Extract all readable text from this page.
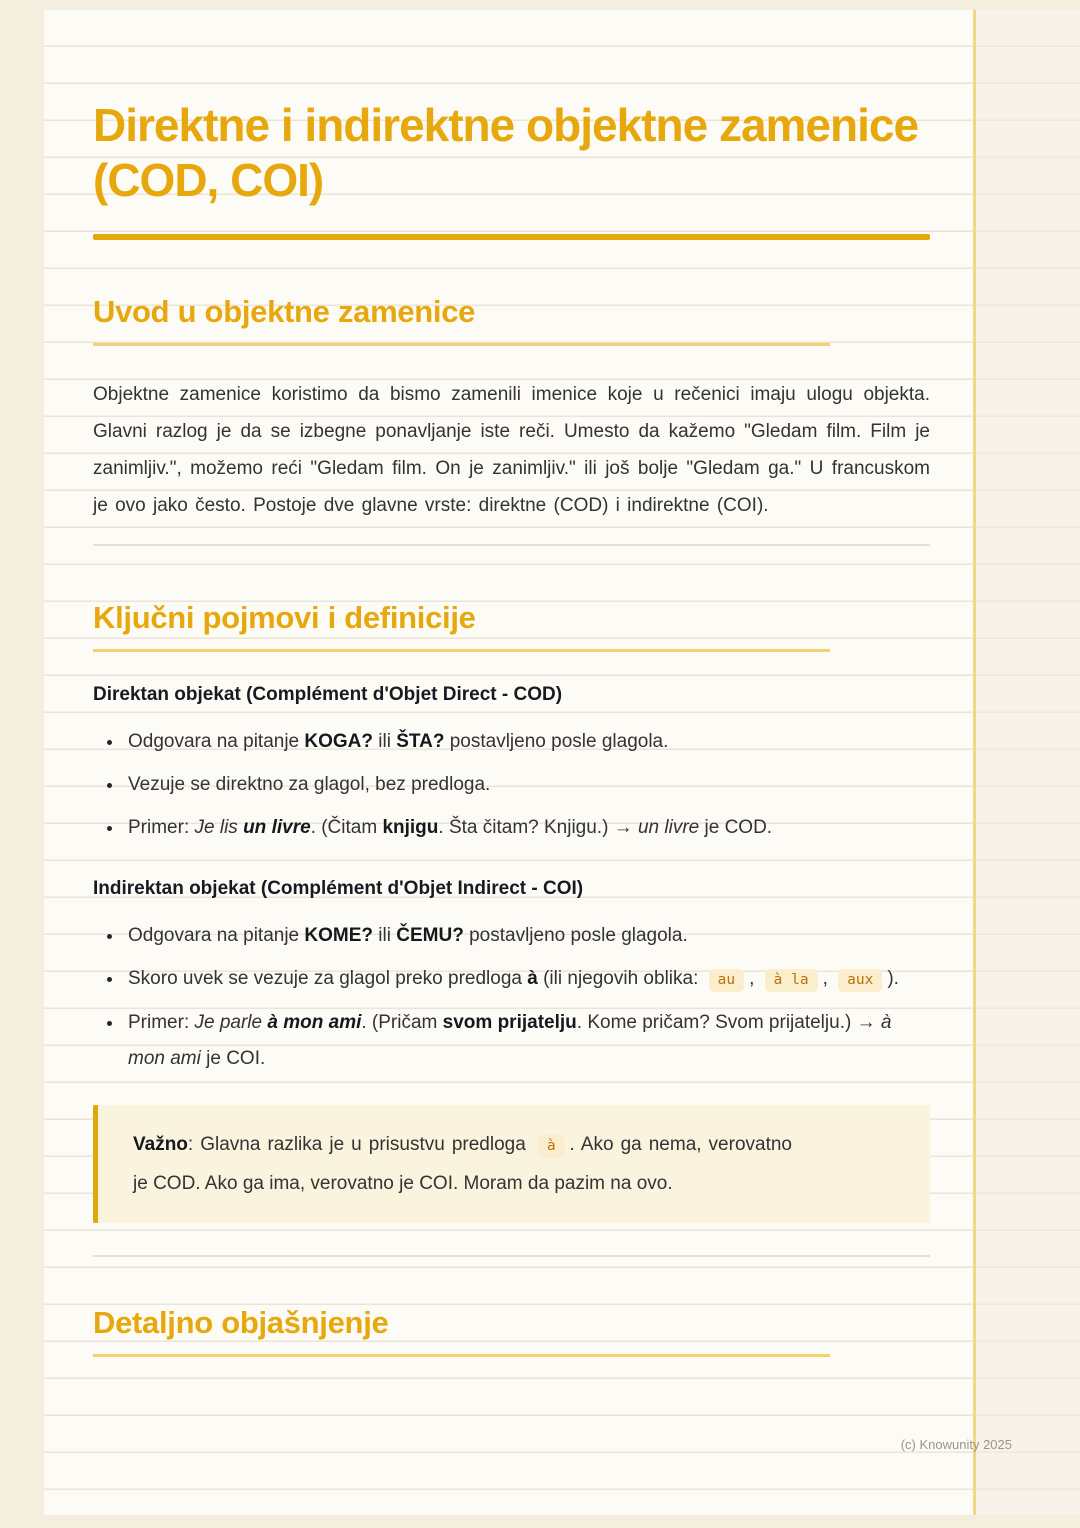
Direktne i indirektne objektne zamenice (COD, COI)
Uvod u objektne zamenice

Objektne zamenice koristimo da bismo zamenili imenice koje u rečenici imaju ulogu objekta. Glavni razlog je da se izbegne ponavljanje iste reči. Umesto da kažemo "Gledam film. Film je zanimljiv.", možemo reći "Gledam film. On je zanimljiv." ili još bolje "Gledam ga." U francuskom je ovo jako često. Postoje dve glavne vrste: direktne (COD) i indirektne (COI).

Ključni pojmovi i definicije
Direktan objekat (Complément d'Objet Direct - COD)
• Odgovara na pitanje KOGA? ili ŠTA? postavljeno posle glagola.
• Vezuje se direktno za glagol, bez predloga.
• Primer: Je lis un livre. (Čitam knjigu. Šta čitam? Knjigu.) → un livre je COD.
Indirektan objekat (Complément d'Objet Indirect - COI)
• Odgovara na pitanje KOME? ili ČEMU? postavljeno posle glagola.
• Skoro uvek se vezuje za glagol preko predloga à (ili njegovih oblika: au , à la , aux ).
• Primer: Je parle à mon ami. (Pričam svom prijatelju. Kome pričam? Svom prijatelju.) → à mon ami je COI.

Važno: Glavna razlika je u prisustvu predloga à . Ako ga nema, verovatno je COD. Ako ga ima, verovatno je COI. Moram da pazim na ovo.

Detaljno objašnjenje
(c) Knowunity 2025
